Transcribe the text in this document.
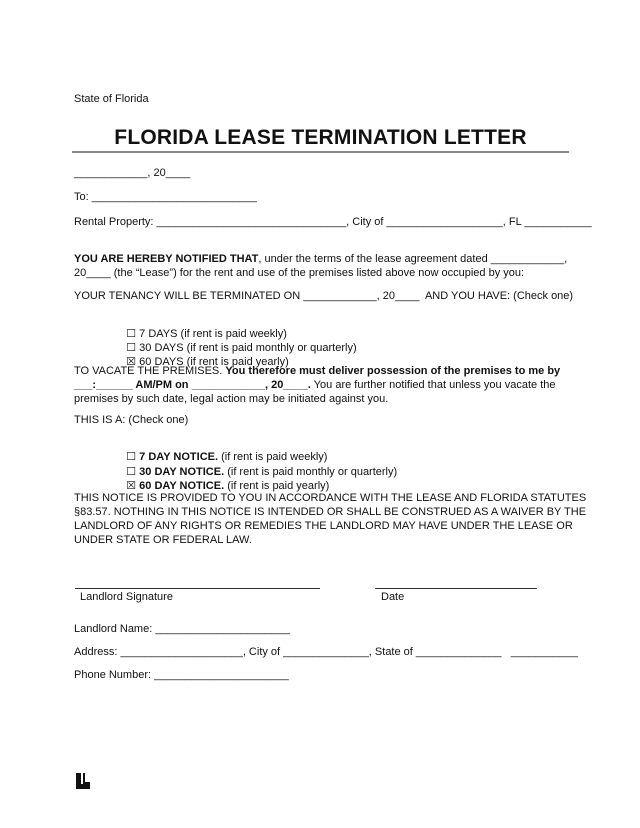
State of Florida
FLORIDA LEASE TERMINATION LETTER
____________, 20____
To: ___________________________
Rental Property: _______________________________, City of ___________________, FL ___________
YOU ARE HEREBY NOTIFIED THAT, under the terms of the lease agreement dated ____________,
20____ (the “Lease”) for the rent and use of the premises listed above now occupied by you:
YOUR TENANCY WILL BE TERMINATED ON ____________, 20____  AND YOU HAVE: (Check one)

☐ 7 DAYS (if rent is paid weekly)

☐ 30 DAYS (if rent is paid monthly or quarterly)

☒ 60 DAYS (if rent is paid yearly)

TO VACATE THE PREMISES. You therefore must deliver possession of the premises to me by
___:______ AM/PM on ____________, 20____. You are further notified that unless you vacate the
premises by such date, legal action may be initiated against you.
THIS IS A: (Check one)

☐ 7 DAY NOTICE. (if rent is paid weekly)

☐ 30 DAY NOTICE. (if rent is paid monthly or quarterly)

☒ 60 DAY NOTICE. (if rent is paid yearly)

THIS NOTICE IS PROVIDED TO YOU IN ACCORDANCE WITH THE LEASE AND FLORIDA STATUTES
§83.57. NOTHING IN THIS NOTICE IS INTENDED OR SHALL BE CONSTRUED AS A WAIVER BY THE
LANDLORD OF ANY RIGHTS OR REMEDIES THE LANDLORD MAY HAVE UNDER THE LEASE OR
UNDER STATE OR FEDERAL LAW.
Landlord Signature	Date
Landlord Name: ______________________
Address: ____________________, City of ______________, State of ______________   ___________
Phone Number: ______________________
